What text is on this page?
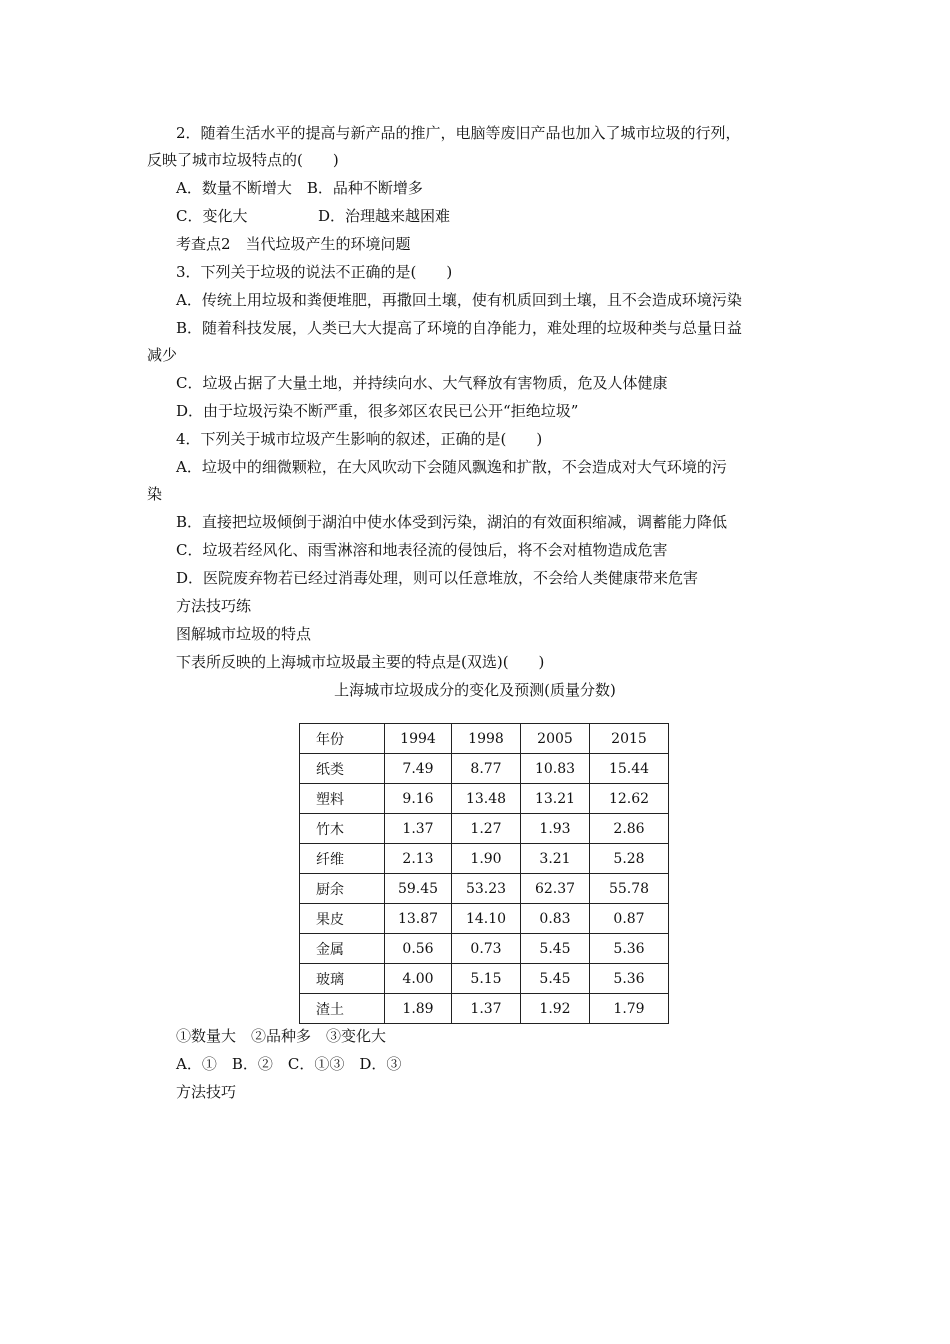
2．随着生活水平的提高与新产品的推广，电脑等废旧产品也加入了城市垃圾的行列，
反映了城市垃圾特点的(　　)
A．数量不断增大　B．品种不断增多
C．变化大	D．治理越来越困难
考查点2　当代垃圾产生的环境问题
3．下列关于垃圾的说法不正确的是(　　)
A．传统上用垃圾和粪便堆肥，再撒回土壤，使有机质回到土壤，且不会造成环境污染
B．随着科技发展，人类已大大提高了环境的自净能力，难处理的垃圾种类与总量日益
减少
C．垃圾占据了大量土地，并持续向水、大气释放有害物质，危及人体健康
D．由于垃圾污染不断严重，很多郊区农民已公开“拒绝垃圾”
4．下列关于城市垃圾产生影响的叙述，正确的是(　　)
A．垃圾中的细微颗粒，在大风吹动下会随风飘逸和扩散，不会造成对大气环境的污
染
B．直接把垃圾倾倒于湖泊中使水体受到污染，湖泊的有效面积缩减，调蓄能力降低
C．垃圾若经风化、雨雪淋溶和地表径流的侵蚀后，将不会对植物造成危害
D．医院废弃物若已经过消毒处理，则可以任意堆放，不会给人类健康带来危害
方法技巧练
图解城市垃圾的特点
下表所反映的上海城市垃圾最主要的特点是(双选)(　　)
上海城市垃圾成分的变化及预测(质量分数)
年份	1994	1998	2005	2015
纸类	7.49	8.77	10.83	15.44
塑料	9.16	13.48	13.21	12.62
竹木	1.37	1.27	1.93	2.86
纤维	2.13	1.90	3.21	5.28
厨余	59.45	53.23	62.37	55.78
果皮	13.87	14.10	0.83	0.87
金属	0.56	0.73	5.45	5.36
玻璃	4.00	5.15	5.45	5.36
渣土	1.89	1.37	1.92	1.79
①数量大　②品种多　③变化大
A．①　B．②　C．①③　D．③
方法技巧
